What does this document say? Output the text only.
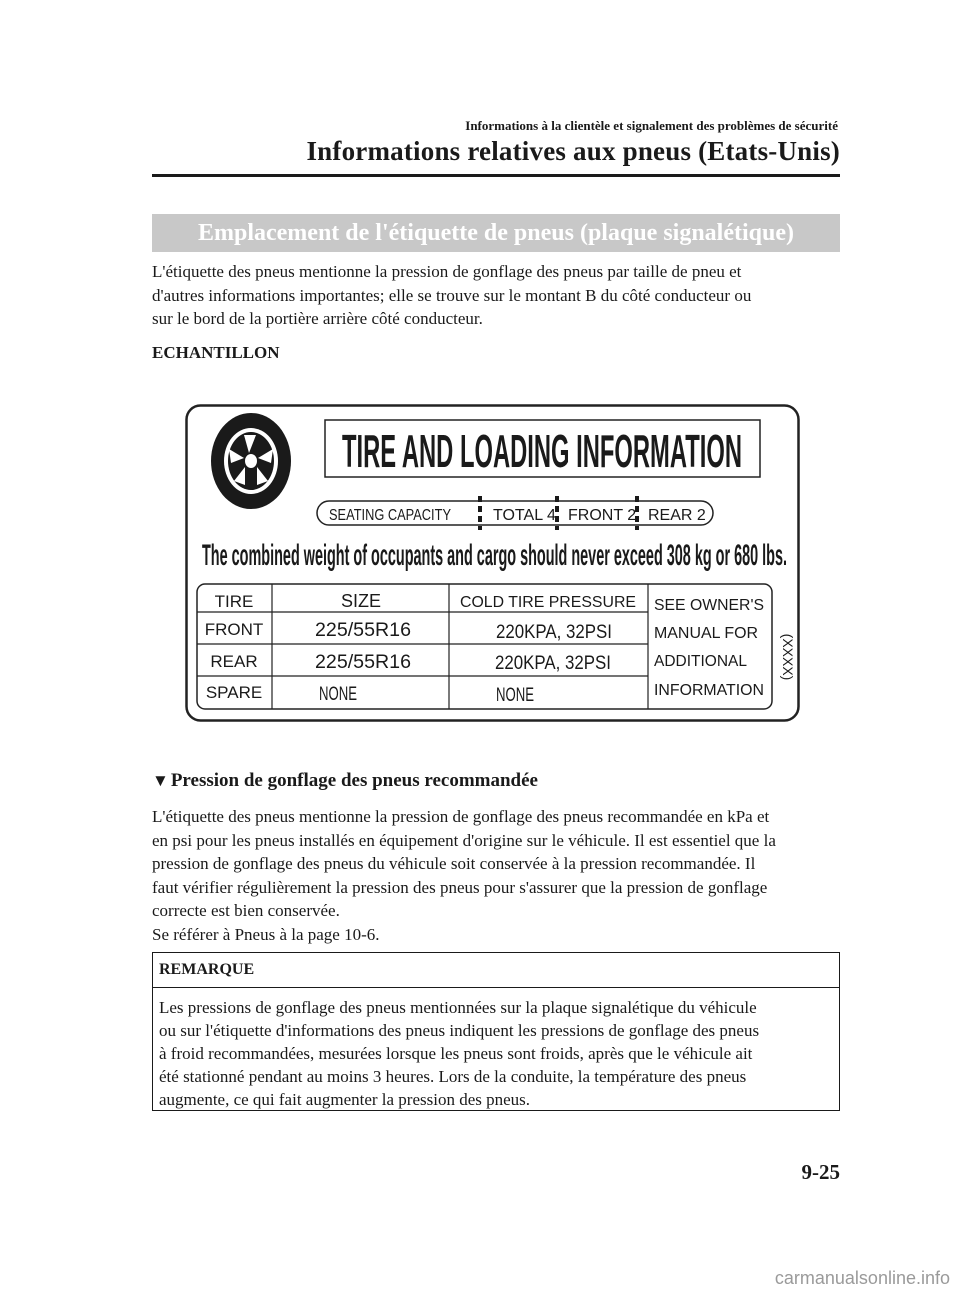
Informations à la clientèle et signalement des problèmes de sécurité
Informations relatives aux pneus (Etats-Unis)
Emplacement de l'étiquette de pneus (plaque signalétique)
L'étiquette des pneus mentionne la pression de gonflage des pneus par taille de pneu et
d'autres informations importantes; elle se trouve sur le montant B du côté conducteur ou
sur le bord de la portière arrière côté conducteur.
ECHANTILLON
TIRE AND LOADING INFORMATION
SEATING CAPACITY	TOTAL 4 FRONT 2 REAR 2
The combined weight of occupants and cargo should never exceed 308 kg or 680 lbs.
TIRE	SIZE	COLD TIRE PRESSURE
FRONT	225/55R16	220KPA, 32PSI
REAR	225/55R16	220KPA, 32PSI
SPARE	NONE	NONE
SEE OWNER'S
MANUAL FOR
ADDITIONAL
INFORMATION
(XXXX)
▼ Pression de gonflage des pneus recommandée
L'étiquette des pneus mentionne la pression de gonflage des pneus recommandée en kPa et
en psi pour les pneus installés en équipement d'origine sur le véhicule. Il est essentiel que la
pression de gonflage des pneus du véhicule soit conservée à la pression recommandée. Il
faut vérifier régulièrement la pression des pneus pour s'assurer que la pression de gonflage
correcte est bien conservée.
Se référer à Pneus à la page 10-6.
REMARQUE
Les pressions de gonflage des pneus mentionnées sur la plaque signalétique du véhicule
ou sur l'étiquette d'informations des pneus indiquent les pressions de gonflage des pneus
à froid recommandées, mesurées lorsque les pneus sont froids, après que le véhicule ait
été stationné pendant au moins 3 heures. Lors de la conduite, la température des pneus
augmente, ce qui fait augmenter la pression des pneus.
9-25
carmanualsonline.info
